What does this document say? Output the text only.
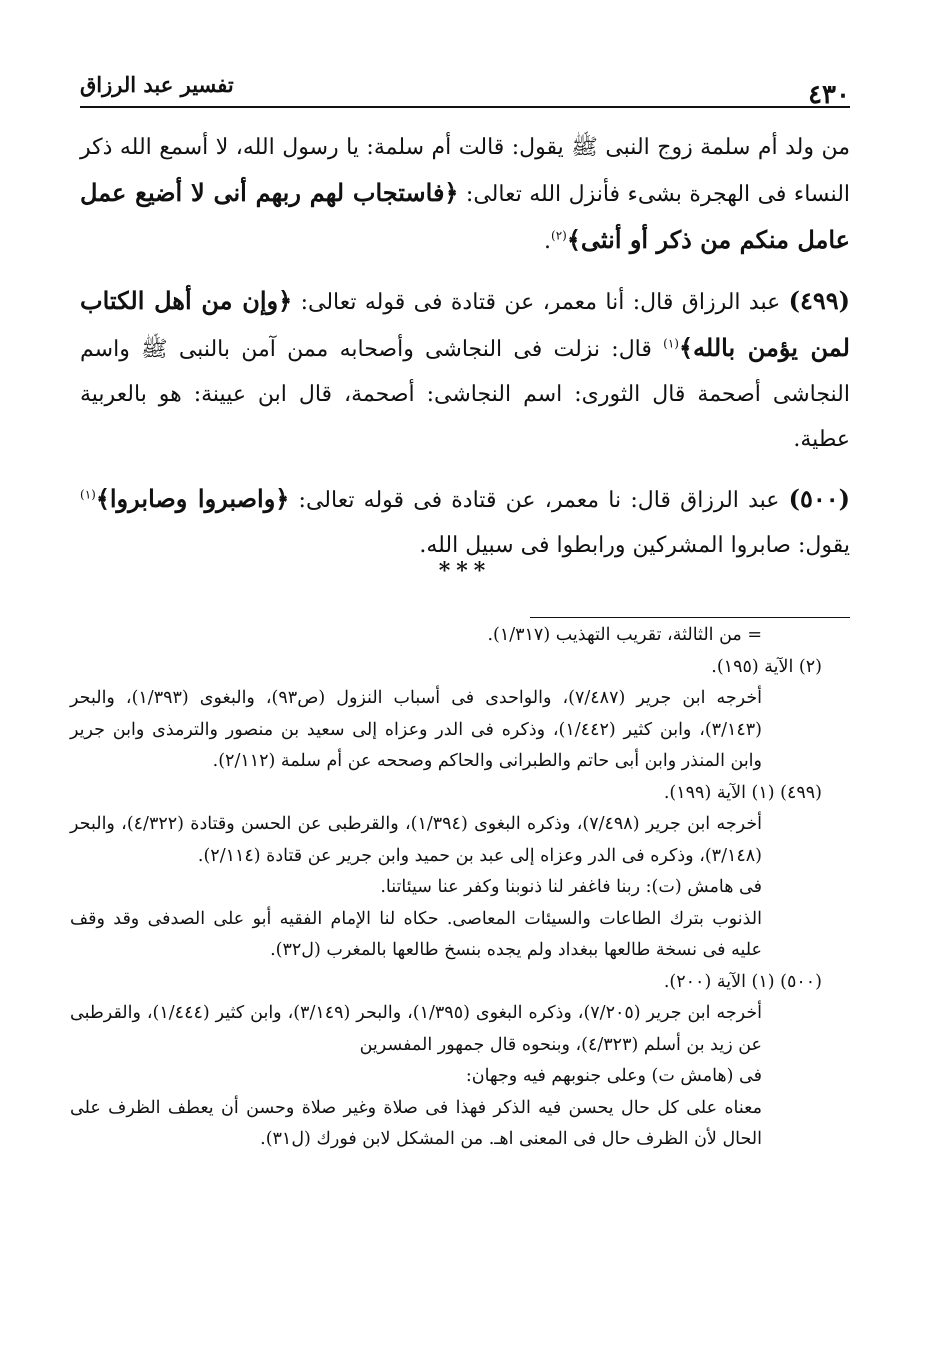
تفسير عبد الرزاق	٤٣٠

من ولد أم سلمة زوج النبى ﷺ يقول: قالت أم سلمة: يا رسول الله، لا أسمع الله ذكر النساء فى الهجرة بشىء فأنزل الله تعالى: ﴿فاستجاب لهم ربهم أنى لا أضيع عمل عامل منكم من ذكر أو أنثى﴾$^{(٢)}$.

(٤٩٩) عبد الرزاق قال: أنا معمر، عن قتادة فى قوله تعالى: ﴿وإن من أهل الكتاب لمن يؤمن بالله﴾$^{(١)}$ قال: نزلت فى النجاشى وأصحابه ممن آمن بالنبى ﷺ واسم النجاشى أصحمة قال الثورى: اسم النجاشى: أصحمة، قال ابن عيينة: هو بالعربية عطية.

(٥٠٠) عبد الرزاق قال: نا معمر، عن قتادة فى قوله تعالى: ﴿واصبروا وصابروا﴾$^{(١)}$ يقول: صابروا المشركين ورابطوا فى سبيل الله.

***

= من الثالثة، تقريب التهذيب (١/٣١٧).

(٢) الآية (١٩٥).

أخرجه ابن جرير (٧/٤٨٧)، والواحدى فى أسباب النزول (ص٩٣)، والبغوى (١/٣٩٣)، والبحر (٣/١٤٣)، وابن كثير (١/٤٤٢)، وذكره فى الدر وعزاه إلى سعيد بن منصور والترمذى وابن جرير وابن المنذر وابن أبى حاتم والطبرانى والحاكم وصححه عن أم سلمة (٢/١١٢).

(٤٩٩) (١) الآية (١٩٩).

أخرجه ابن جرير (٧/٤٩٨)، وذكره البغوى (١/٣٩٤)، والقرطبى عن الحسن وقتادة (٤/٣٢٢)، والبحر (٣/١٤٨)، وذكره فى الدر وعزاه إلى عبد بن حميد وابن جرير عن قتادة (٢/١١٤).

فى هامش (ت): ربنا فاغفر لنا ذنوبنا وكفر عنا سيئاتنا.

الذنوب بترك الطاعات والسيئات المعاصى. حكاه لنا الإمام الفقيه أبو على الصدفى وقد وقف عليه فى نسخة طالعها ببغداد ولم يجده بنسخ طالعها بالمغرب (ل٣٢).

(٥٠٠) (١) الآية (٢٠٠).

أخرجه ابن جرير (٧/٢٠٥)، وذكره البغوى (١/٣٩٥)، والبحر (٣/١٤٩)، وابن كثير (١/٤٤٤)، والقرطبى عن زيد بن أسلم (٤/٣٢٣)، وبنحوه قال جمهور المفسرين

فى (هامش ت) وعلى جنوبهم فيه وجهان:

معناه على كل حال يحسن فيه الذكر فهذا فى صلاة وغير صلاة وحسن أن يعطف الظرف على الحال لأن الظرف حال فى المعنى اهـ. من المشكل لابن فورك (ل٣١).
